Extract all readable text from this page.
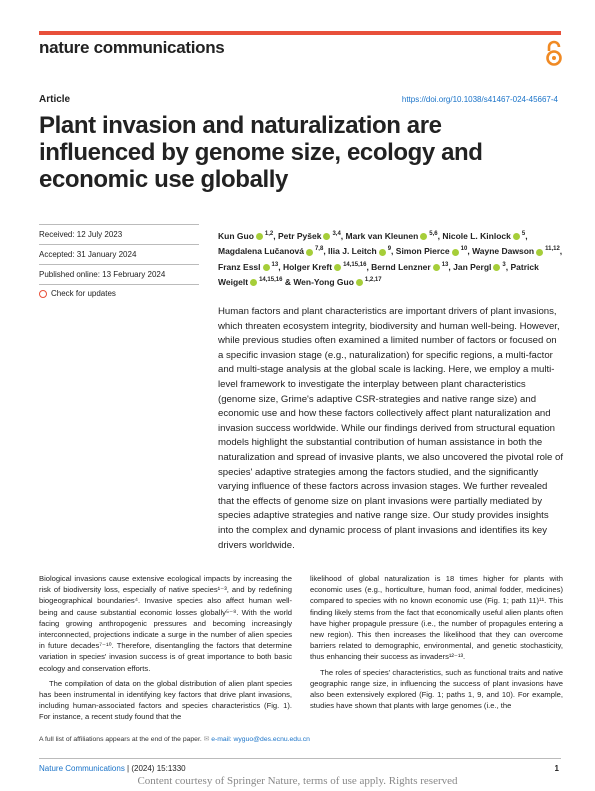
nature communications
Article	https://doi.org/10.1038/s41467-024-45667-4
Plant invasion and naturalization are influenced by genome size, ecology and economic use globally
Received: 12 July 2023
Accepted: 31 January 2024
Published online: 13 February 2024
Check for updates
Kun Guo $^{1,2}$, Petr Pyšek $^{3,4}$, Mark van Kleunen $^{5,6}$, Nicole L. Kinlock $^5$, Magdalena Lučanová $^{7,8}$, Ilia J. Leitch $^9$, Simon Pierce $^{10}$, Wayne Dawson $^{11,12}$, Franz Essl $^{13}$, Holger Kreft $^{14,15,16}$, Bernd Lenzner $^{13}$, Jan Pergl $^3$, Patrick Weigelt $^{14,15,16}$ & Wen-Yong Guo $^{1,2,17}$

Human factors and plant characteristics are important drivers of plant invasions, which threaten ecosystem integrity, biodiversity and human well-being. However, while previous studies often examined a limited number of factors or focused on a specific invasion stage (e.g., naturalization) for specific regions, a multi-factor and multi-stage analysis at the global scale is lacking. Here, we employ a multi-level framework to investigate the interplay between plant characteristics (genome size, Grime's adaptive CSR-strategies and native range size) and economic use and how these factors collectively affect plant naturalization and invasion success worldwide. While our findings derived from structural equation models highlight the substantial contribution of human assistance in both the naturalization and spread of invasive plants, we also uncovered the pivotal role of species' adaptive strategies among the factors studied, and the significantly varying influence of these factors across invasion stages. We further revealed that the effects of genome size on plant invasions were partially mediated by species adaptive strategies and native range size. Our study provides insights into the complex and dynamic process of plant invasions and identifies its key drivers worldwide.

Biological invasions cause extensive ecological impacts by increasing the risk of biodiversity loss, especially of native species¹⁻³, and by redefining biogeographical boundaries⁴. Invasive species also affect human well-being and cause substantial economic losses globally⁵⁻⁸. With the world facing growing anthropogenic pressures and becoming increasingly interconnected, projections indicate a surge in the number of alien species in future decades⁷⁻¹⁰. Therefore, disentangling the factors that determine variation in species' invasion success is of great importance to both basic ecology and conservation efforts.

The compilation of data on the global distribution of alien plant species has been instrumental in identifying key factors that drive plant invasions, including human-associated factors and species characteristics (Fig. 1). For instance, a recent study found that the

likelihood of global naturalization is 18 times higher for plants with economic uses (e.g., horticulture, human food, animal fodder, medicines) compared to species with no known economic use (Fig. 1; path 11)¹¹. This finding likely stems from the fact that economically useful alien plants often have higher propagule pressure (i.e., the number of propagules entering a new region). This then increases the likelihood that they can overcome barriers related to demographic, environmental, and genetic stochasticity, thus enhancing their success as invaders¹²⁻¹³.

The roles of species' characteristics, such as functional traits and native geographic range size, in influencing the success of plant invasions have also been extensively explored (Fig. 1; paths 1, 9, and 10). For example, studies have shown that plants with large genomes (i.e., the

A full list of affiliations appears at the end of the paper. ✉ e-mail: wyguo@des.ecnu.edu.cn
Nature Communications | (2024) 15:1330	1
Content courtesy of Springer Nature, terms of use apply. Rights reserved
